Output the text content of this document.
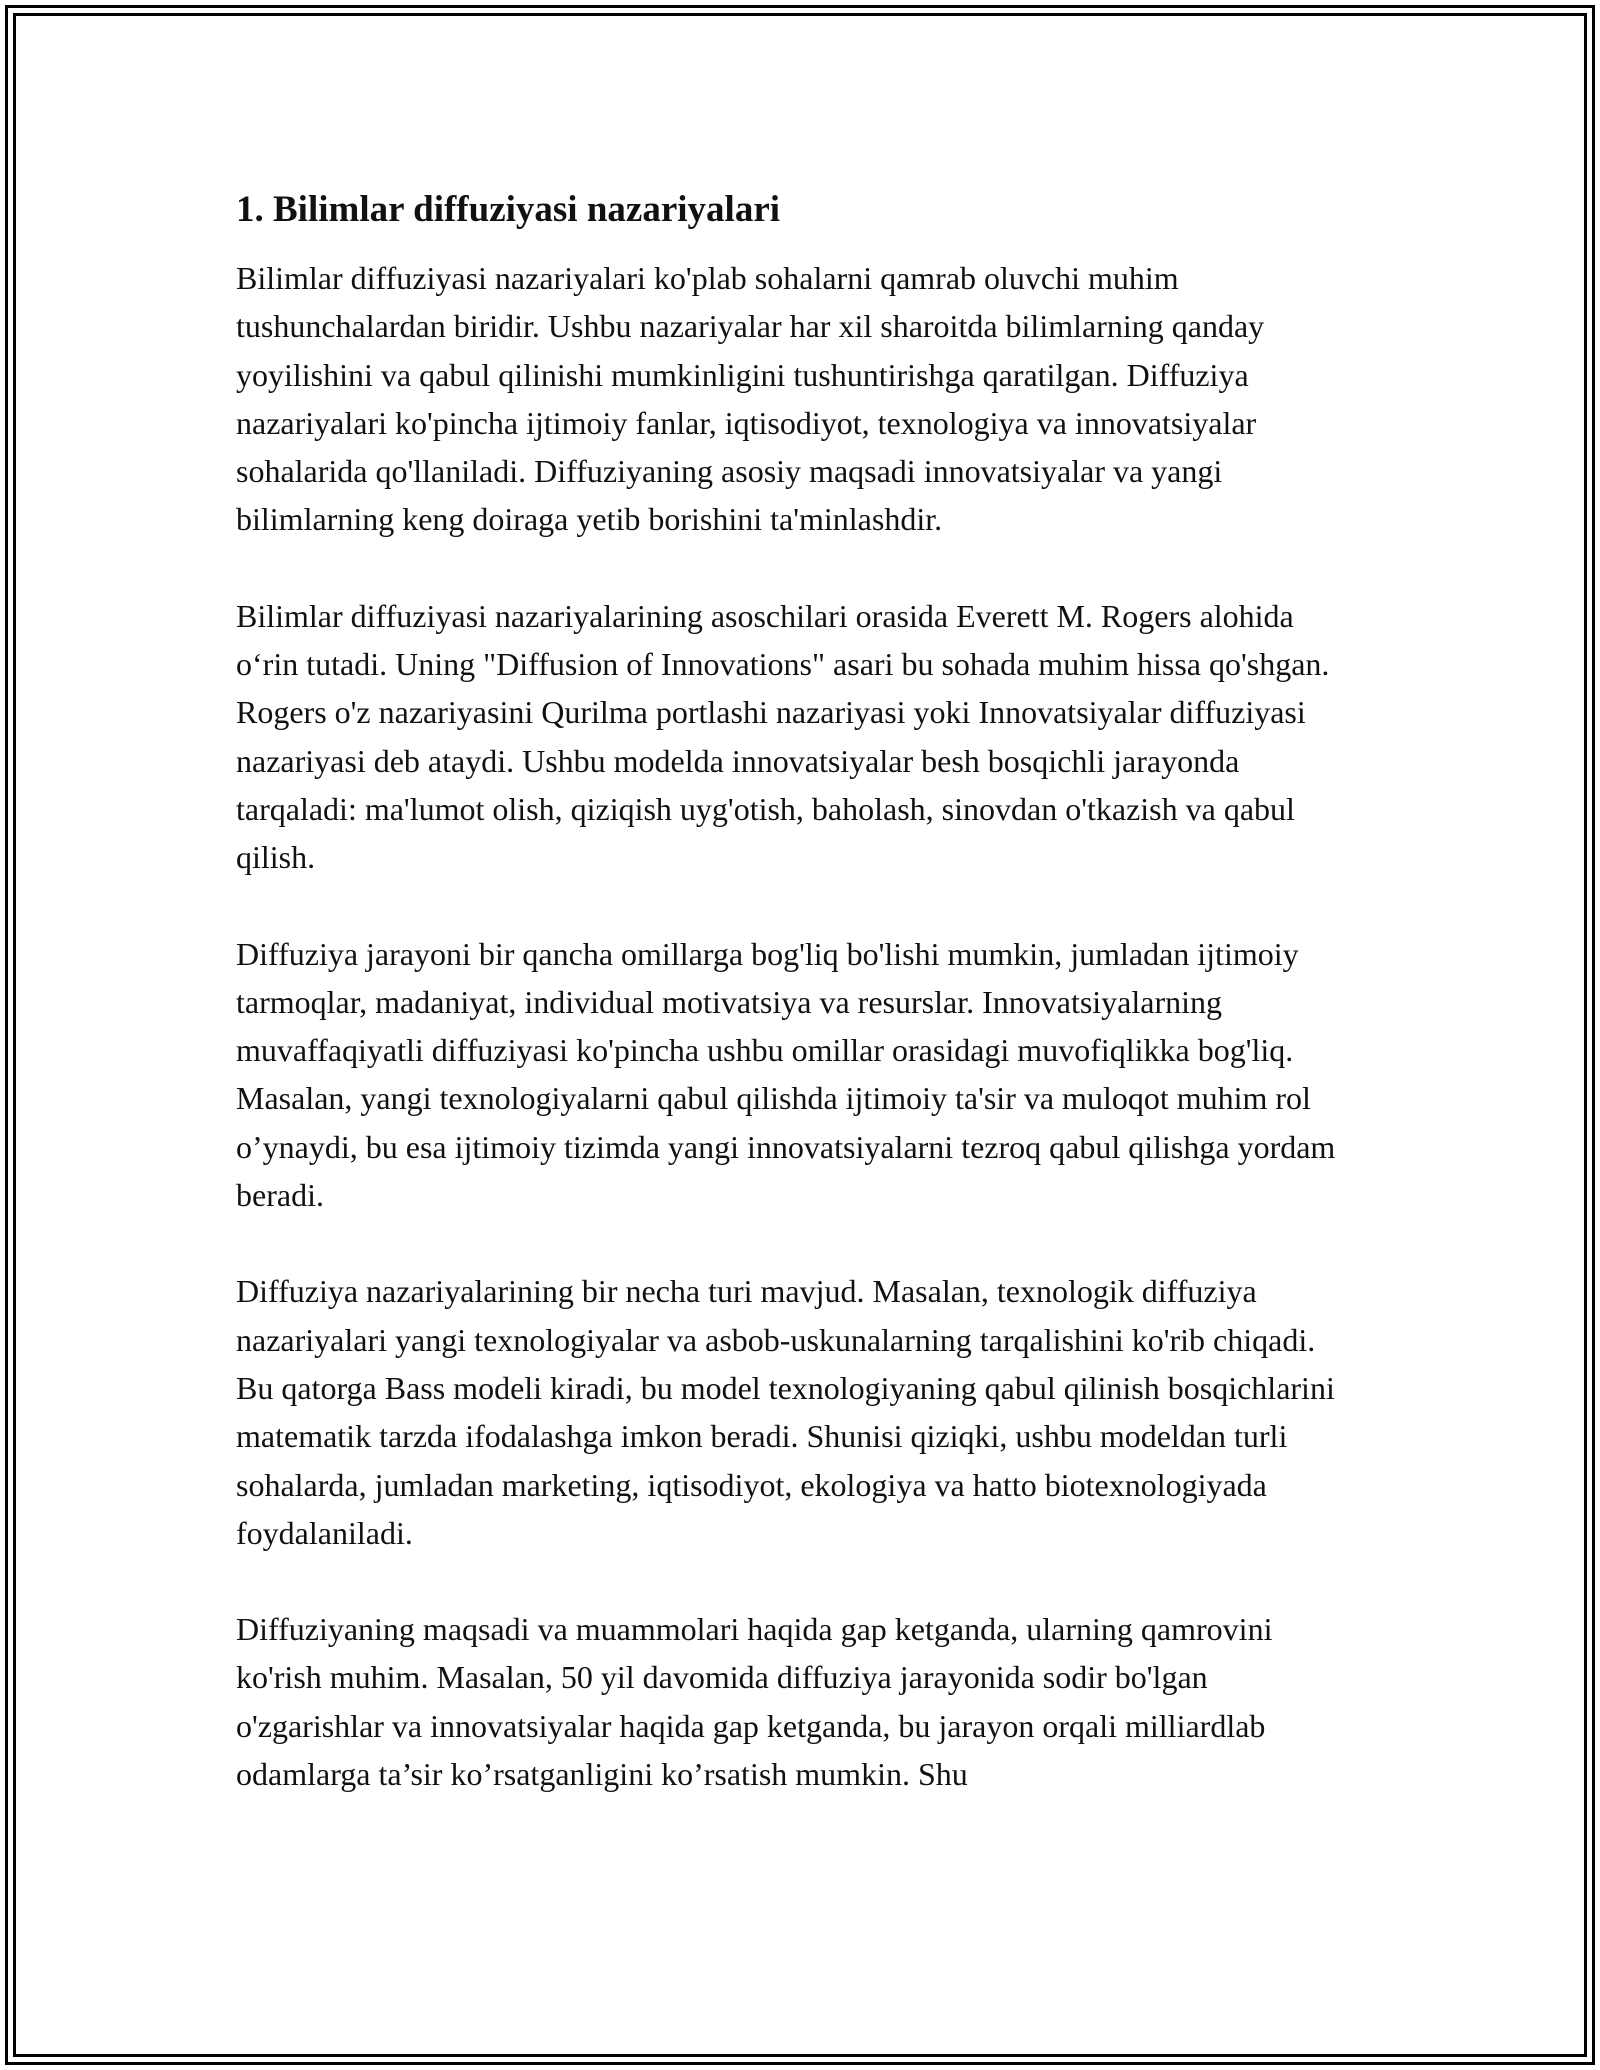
1. Bilimlar diffuziyasi nazariyalari

Bilimlar diffuziyasi nazariyalari ko'plab sohalarni qamrab oluvchi muhim tushunchalardan biridir. Ushbu nazariyalar har xil sharoitda bilimlarning qanday yoyilishini va qabul qilinishi mumkinligini tushuntirishga qaratilgan. Diffuziya nazariyalari ko'pincha ijtimoiy fanlar, iqtisodiyot, texnologiya va innovatsiyalar sohalarida qo'llaniladi. Diffuziyaning asosiy maqsadi innovatsiyalar va yangi bilimlarning keng doiraga yetib borishini ta'minlashdir.

Bilimlar diffuziyasi nazariyalarining asoschilari orasida Everett M. Rogers alohida o‘rin tutadi. Uning "Diffusion of Innovations" asari bu sohada muhim hissa qo'shgan. Rogers o'z nazariyasini Qurilma portlashi nazariyasi yoki Innovatsiyalar diffuziyasi nazariyasi deb ataydi. Ushbu modelda innovatsiyalar besh bosqichli jarayonda tarqaladi: ma'lumot olish, qiziqish uyg'otish, baholash, sinovdan o'tkazish va qabul qilish.

Diffuziya jarayoni bir qancha omillarga bog'liq bo'lishi mumkin, jumladan ijtimoiy tarmoqlar, madaniyat, individual motivatsiya va resurslar. Innovatsiyalarning muvaffaqiyatli diffuziyasi ko'pincha ushbu omillar orasidagi muvofiqlikka bog'liq. Masalan, yangi texnologiyalarni qabul qilishda ijtimoiy ta'sir va muloqot muhim rol o’ynaydi, bu esa ijtimoiy tizimda yangi innovatsiyalarni tezroq qabul qilishga yordam beradi.

Diffuziya nazariyalarining bir necha turi mavjud. Masalan, texnologik diffuziya nazariyalari yangi texnologiyalar va asbob-uskunalarning tarqalishini ko'rib chiqadi. Bu qatorga Bass modeli kiradi, bu model texnologiyaning qabul qilinish bosqichlarini matematik tarzda ifodalashga imkon beradi. Shunisi qiziqki, ushbu modeldan turli sohalarda, jumladan marketing, iqtisodiyot, ekologiya va hatto biotexnologiyada foydalaniladi.

Diffuziyaning maqsadi va muammolari haqida gap ketganda, ularning qamrovini ko'rish muhim. Masalan, 50 yil davomida diffuziya jarayonida sodir bo'lgan o'zgarishlar va innovatsiyalar haqida gap ketganda, bu jarayon orqali milliardlab odamlarga ta’sir ko’rsatganligini ko’rsatish mumkin. Shu
